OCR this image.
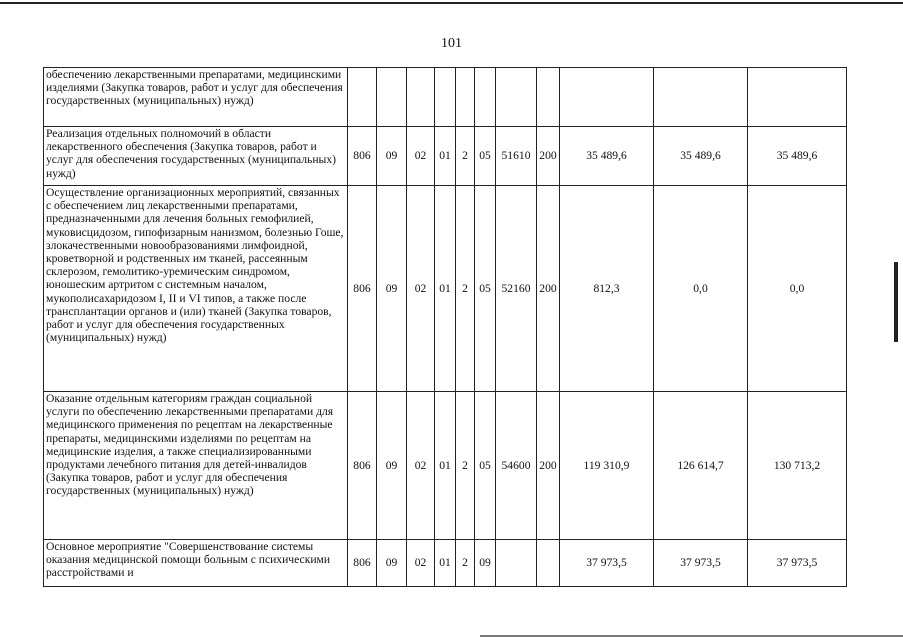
101
обеспечению лекарственными препаратами, медицинскими изделиями (Закупка товаров, работ и услуг для обеспечения государственных (муниципальных) нужд)											
Реализация отдельных полномочий в области лекарственного обеспечения (Закупка товаров, работ и услуг для обеспечения государственных (муниципальных) нужд)	806	09	02	01	2	05	51610	200	35 489,6	35 489,6	35 489,6
Осуществление организационных мероприятий, связанных с обеспечением лиц лекарственными препаратами, предназначенными для лечения больных гемофилией, муковисцидозом, гипофизарным нанизмом, болезнью Гоше, злокачественными новообразованиями лимфоидной, кроветворной и родственных им тканей, рассеянным склерозом, гемолитико-уремическим синдромом, юношеским артритом с системным началом, мукополисахаридозом I, II и VI типов, а также после трансплантации органов и (или) тканей (Закупка товаров, работ и услуг для обеспечения государственных (муниципальных) нужд)	806	09	02	01	2	05	52160	200	812,3	0,0	0,0
Оказание отдельным категориям граждан социальной услуги по обеспечению лекарственными препаратами для медицинского применения по рецептам на лекарственные препараты, медицинскими изделиями по рецептам на медицинские изделия, а также специализированными продуктами лечебного питания для детей-инвалидов (Закупка товаров, работ и услуг для обеспечения государственных (муниципальных) нужд)	806	09	02	01	2	05	54600	200	119 310,9	126 614,7	130 713,2
Основное мероприятие "Совершенствование системы оказания медицинской помощи больным с психическими расстройствами и	806	09	02	01	2	09			37 973,5	37 973,5	37 973,5
